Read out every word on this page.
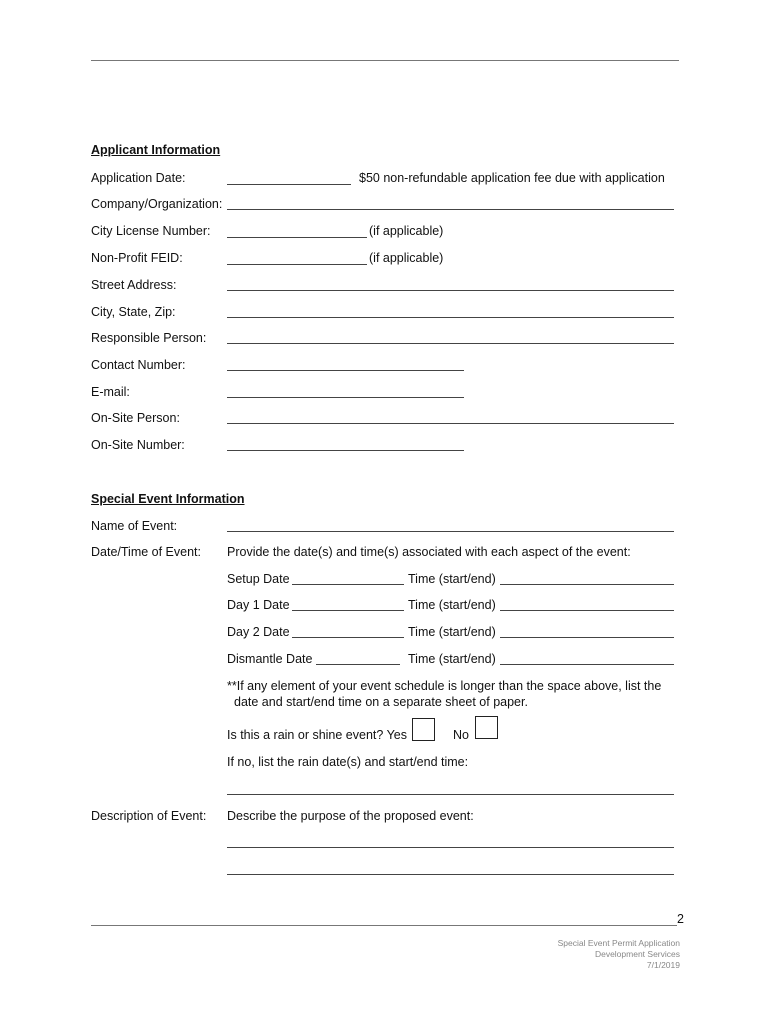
Applicant Information
Application Date:	$50 non-refundable application fee due with application
Company/Organization:
City License Number:	(if applicable)
Non-Profit FEID:	(if applicable)
Street Address:
City, State, Zip:
Responsible Person:
Contact Number:
E-mail:
On-Site Person:
On-Site Number:
Special Event Information
Name of Event:
Date/Time of Event: Provide the date(s) and time(s) associated with each aspect of the event:
Setup Date	Time (start/end)
Day 1 Date	Time (start/end)
Day 2 Date	Time (start/end)
Dismantle Date	Time (start/end)
**If any element of your event schedule is longer than the space above, list the
date and start/end time on a separate sheet of paper.
Is this a rain or shine event? Yes	No
If no, list the rain date(s) and start/end time:
Description of Event: Describe the purpose of the proposed event:
2
Special Event Permit Application
Development Services
7/1/2019
